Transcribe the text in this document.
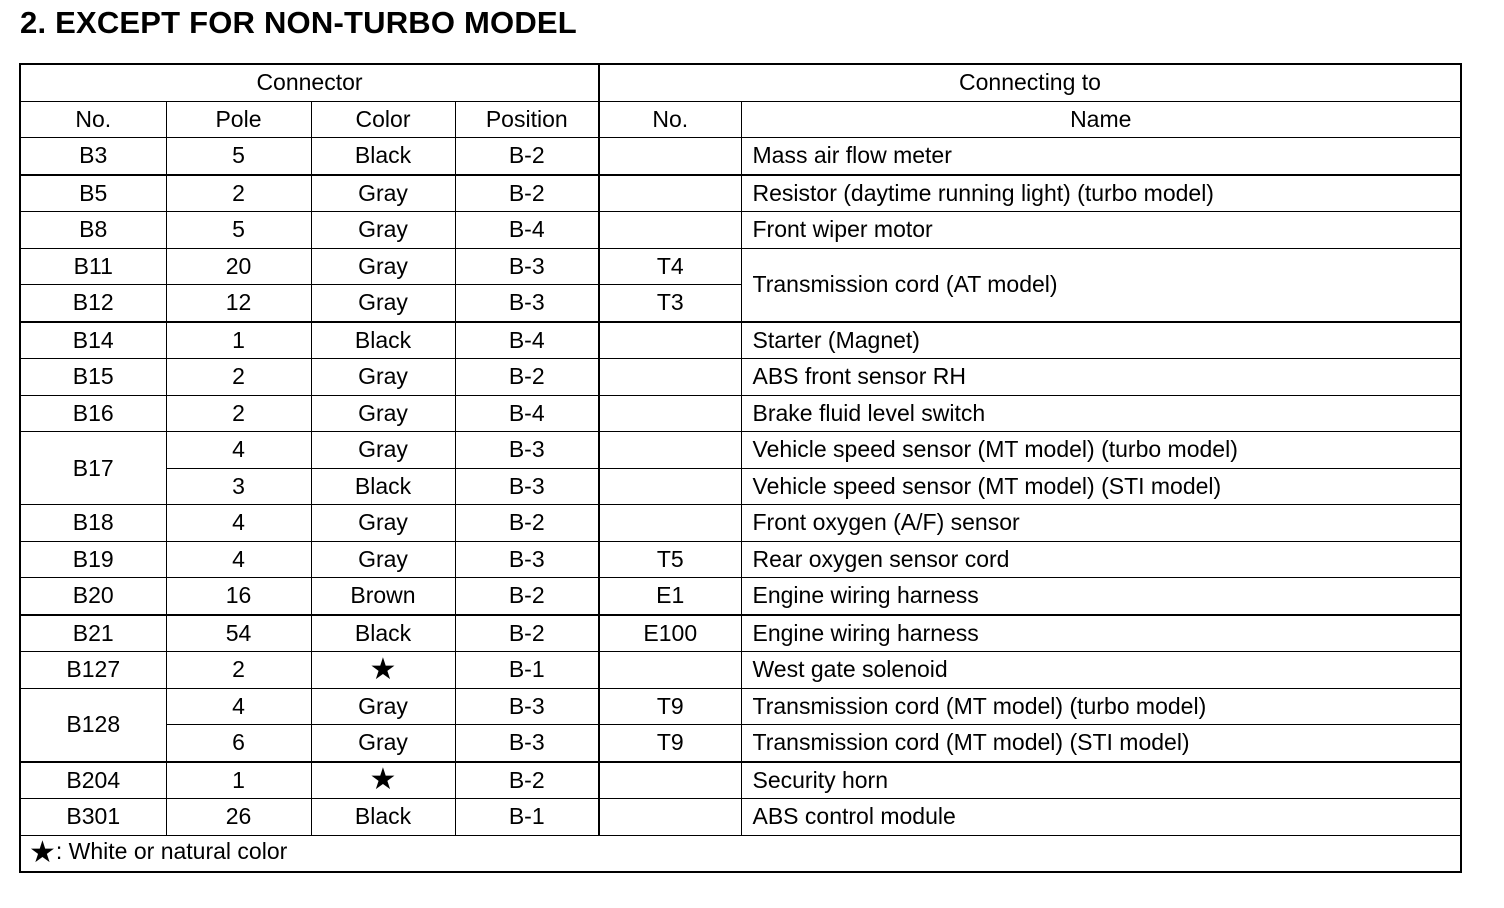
2. EXCEPT FOR NON-TURBO MODEL
Connector				Connecting to	
No.	Pole	Color	Position	No.	Name
B3	5	Black	B-2		Mass air flow meter
B5	2	Gray	B-2		Resistor (daytime running light) (turbo model)
B8	5	Gray	B-4		Front wiper motor
B11	20	Gray	B-3	T4	Transmission cord (AT model)
B12	12	Gray	B-3	T3	
B14	1	Black	B-4		Starter (Magnet)
B15	2	Gray	B-2		ABS front sensor RH
B16	2	Gray	B-4		Brake fluid level switch
B17	4	Gray	B-3		Vehicle speed sensor (MT model) (turbo model)
	3	Black	B-3		Vehicle speed sensor (MT model) (STI model)
B18	4	Gray	B-2		Front oxygen (A/F) sensor
B19	4	Gray	B-3	T5	Rear oxygen sensor cord
B20	16	Brown	B-2	E1	Engine wiring harness
B21	54	Black	B-2	E100	Engine wiring harness
B127	2	★	B-1		West gate solenoid
B128	4	Gray	B-3	T9	Transmission cord (MT model) (turbo model)
	6	Gray	B-3	T9	Transmission cord (MT model) (STI model)
B204	1	★	B-2		Security horn
B301	26	Black	B-1		ABS control module
★: White or natural color					
